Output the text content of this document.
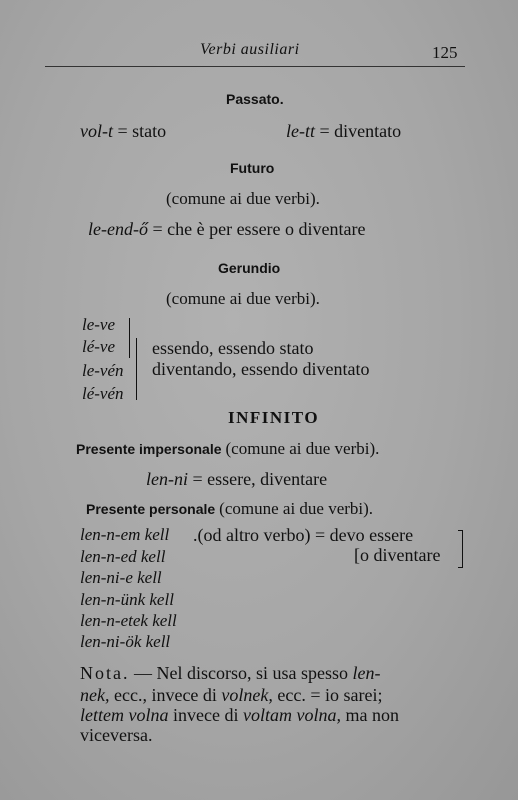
Verbi ausiliari	125
Passato.
vol-t = stato	le-tt = diventato
Futuro
(comune ai due verbi).
le-end-ő = che è per essere o diventare
Gerundio
(comune ai due verbi).
le-ve
lé-ve
le-vén
lé-vén
essendo, essendo stato
diventando, essendo diventato
INFINITO
Presente impersonale (comune ai due verbi).
len-ni = essere, diventare
Presente personale (comune ai due verbi).
len-n-em kell .(od altro verbo) = devo essere
len-n-ed kell	[o diventare
len-ni-e kell
len-n-ünk kell
len-n-etek kell
len-ni-ök kell
Nota. — Nel discorso, si usa spesso len-
nek, ecc., invece di volnek, ecc. = io sarei;
lettem volna invece di voltam volna, ma non
viceversa.
